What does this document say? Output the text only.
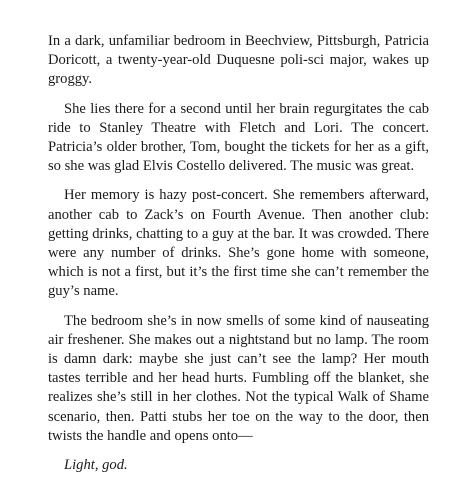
In a dark, unfamiliar bedroom in Beechview, Pittsburgh, Patricia Doricott, a twenty-year-old Duquesne poli-sci major, wakes up groggy.

She lies there for a second until her brain regurgitates the cab ride to Stanley Theatre with Fletch and Lori. The concert. Patricia’s older brother, Tom, bought the tickets for her as a gift, so she was glad Elvis Costello delivered. The music was great.

Her memory is hazy post-concert. She remembers afterward, another cab to Zack’s on Fourth Avenue. Then another club: getting drinks, chatting to a guy at the bar. It was crowded. There were any number of drinks. She’s gone home with someone, which is not a first, but it’s the first time she can’t remember the guy’s name.

The bedroom she’s in now smells of some kind of nauseating air freshener. She makes out a nightstand but no lamp. The room is damn dark: maybe she just can’t see the lamp? Her mouth tastes terrible and her head hurts. Fumbling off the blanket, she realizes she’s still in her clothes. Not the typical Walk of Shame scenario, then. Patti stubs her toe on the way to the door, then twists the handle and opens onto—

Light, god.
